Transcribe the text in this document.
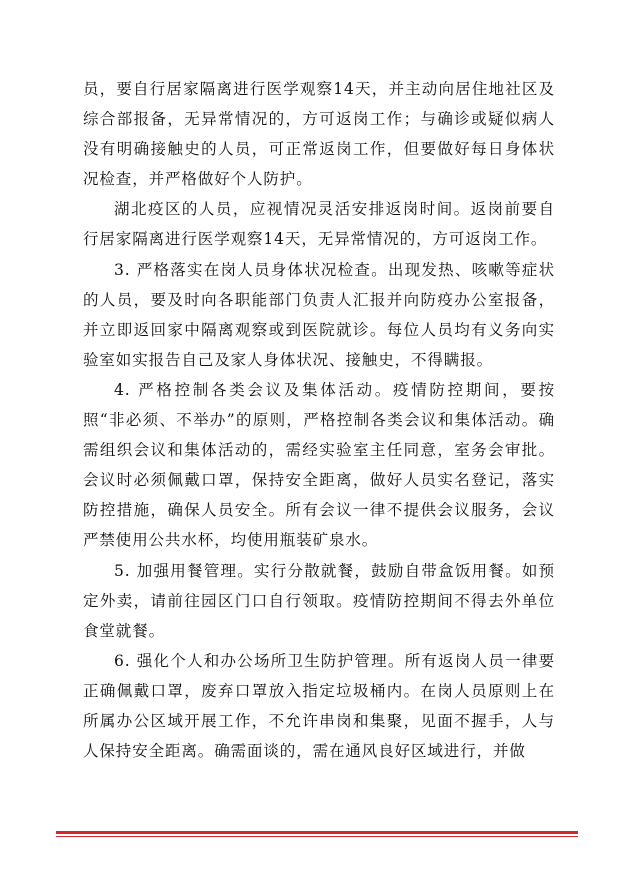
员，要自行居家隔离进行医学观察14天，并主动向居住地社区及综合部报备，无异常情况的，方可返岗工作；与确诊或疑似病人没有明确接触史的人员，可正常返岗工作，但要做好每日身体状况检查，并严格做好个人防护。

湖北疫区的人员，应视情况灵活安排返岗时间。返岗前要自行居家隔离进行医学观察14天，无异常情况的，方可返岗工作。

3. 严格落实在岗人员身体状况检查。出现发热、咳嗽等症状的人员，要及时向各职能部门负责人汇报并向防疫办公室报备，并立即返回家中隔离观察或到医院就诊。每位人员均有义务向实验室如实报告自己及家人身体状况、接触史，不得瞒报。

4. 严格控制各类会议及集体活动。疫情防控期间，要按照“非必须、不举办”的原则，严格控制各类会议和集体活动。确需组织会议和集体活动的，需经实验室主任同意，室务会审批。会议时必须佩戴口罩，保持安全距离，做好人员实名登记，落实防控措施，确保人员安全。所有会议一律不提供会议服务，会议严禁使用公共水杯，均使用瓶装矿泉水。

5. 加强用餐管理。实行分散就餐，鼓励自带盒饭用餐。如预定外卖，请前往园区门口自行领取。疫情防控期间不得去外单位食堂就餐。

6. 强化个人和办公场所卫生防护管理。所有返岗人员一律要正确佩戴口罩，废弃口罩放入指定垃圾桶内。在岗人员原则上在所属办公区域开展工作，不允许串岗和集聚，见面不握手，人与人保持安全距离。确需面谈的，需在通风良好区域进行，并做
